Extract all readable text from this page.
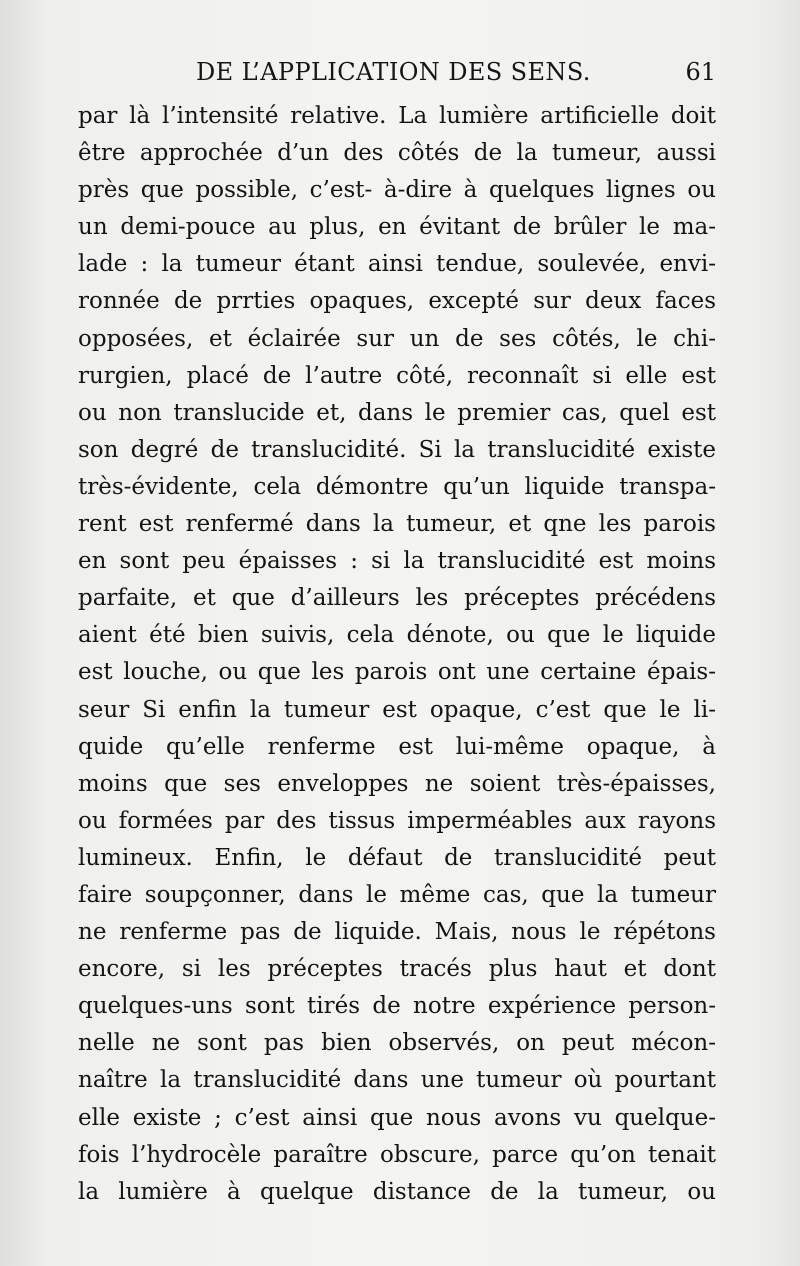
DE L’APPLICATION DES SENS.	61
par là l’intensité relative. La lumière artificielle doit
être approchée d’un des côtés de la tumeur, aussi
près que possible, c’est- à-dire à quelques lignes ou
un demi-pouce au plus, en évitant de brûler le ma-
lade : la tumeur étant ainsi tendue, soulevée, envi-
ronnée de prrties opaques, excepté sur deux faces
opposées, et éclairée sur un de ses côtés, le chi-
rurgien, placé de l’autre côté, reconnaît si elle est
ou non translucide et, dans le premier cas, quel est
son degré de translucidité. Si la translucidité existe
très-évidente, cela démontre qu’un liquide transpa-
rent est renfermé dans la tumeur, et qne les parois
en sont peu épaisses : si la translucidité est moins
parfaite, et que d’ailleurs les préceptes précédens
aient été bien suivis, cela dénote, ou que le liquide
est louche, ou que les parois ont une certaine épais-
seur Si enfin la tumeur est opaque, c’est que le li-
quide qu’elle renferme est lui-même opaque, à
moins que ses enveloppes ne soient très-épaisses,
ou formées par des tissus imperméables aux rayons
lumineux. Enfin, le défaut de translucidité peut
faire soupçonner, dans le même cas, que la tumeur
ne renferme pas de liquide. Mais, nous le répétons
encore, si les préceptes tracés plus haut et dont
quelques-uns sont tirés de notre expérience person-
nelle ne sont pas bien observés, on peut mécon-
naître la translucidité dans une tumeur où pourtant
elle existe ; c’est ainsi que nous avons vu quelque-
fois l’hydrocèle paraître obscure, parce qu’on tenait
la lumière à quelque distance de la tumeur, ou
